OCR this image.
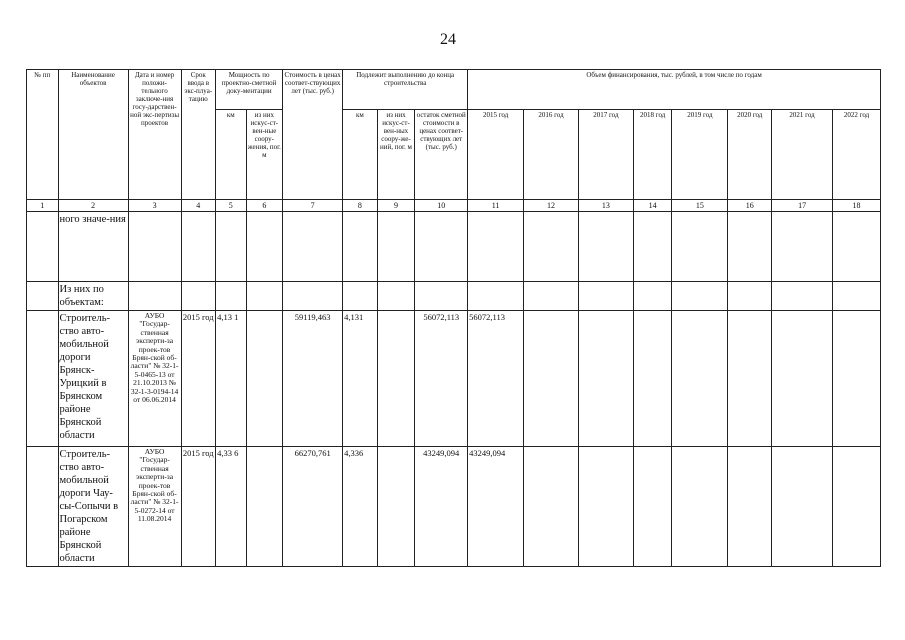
24
№ пп	Наименование объектов	Дата и номер положи-тельного заключе-ния госу-дарствен-ной экс-пертизы проектов	Срок ввода в экс-плуа-тацию	Мощность по проектно-сметной доку-ментации		Стоимость в ценах соответ-ствующих лет (тыс. руб.)	Подлежит выполнению до конца строительства			Объем финансирования, тыс. рублей, в том числе по годам							
				км	из них искус-ст-вен-ные соору-жения, пог. м		км	из них искус-ст-вен-ных соору-же-ний, пог. м	остаток сметной стоимости в ценах соответ-ствующих лет (тыс. руб.)	2015 год	2016 год	2017 год	2018 год	2019 год	2020 год	2021 год	2022 год
1	2	3	4	5	6	7	8	9	10	11	12	13	14	15	16	17	18
	ного значе-ния																
	Из них по объектам:																
	Строитель-ство авто-мобильной дороги Брянск-Урицкий в Брянском районе Брянской области	АУБО "Государ-ственная эксперти-за проек-тов Брян-ской об-ласти" № 32-1-5-0465-13 от 21.10.2013 № 32-1-3-0194-14 от 06.06.2014	2015 год	4,13 1		59119,463	4,131		56072,113	56072,113							
	Строитель-ство авто-мобильной дороги Чау-сы-Сопычи в Погарском районе Брянской области	АУБО "Государ-ственная эксперти-за проек-тов Брян-ской об-ласти" № 32-1-5-0272-14 от 11.08.2014	2015 год	4,33 6		66270,761	4,336		43249,094	43249,094							
